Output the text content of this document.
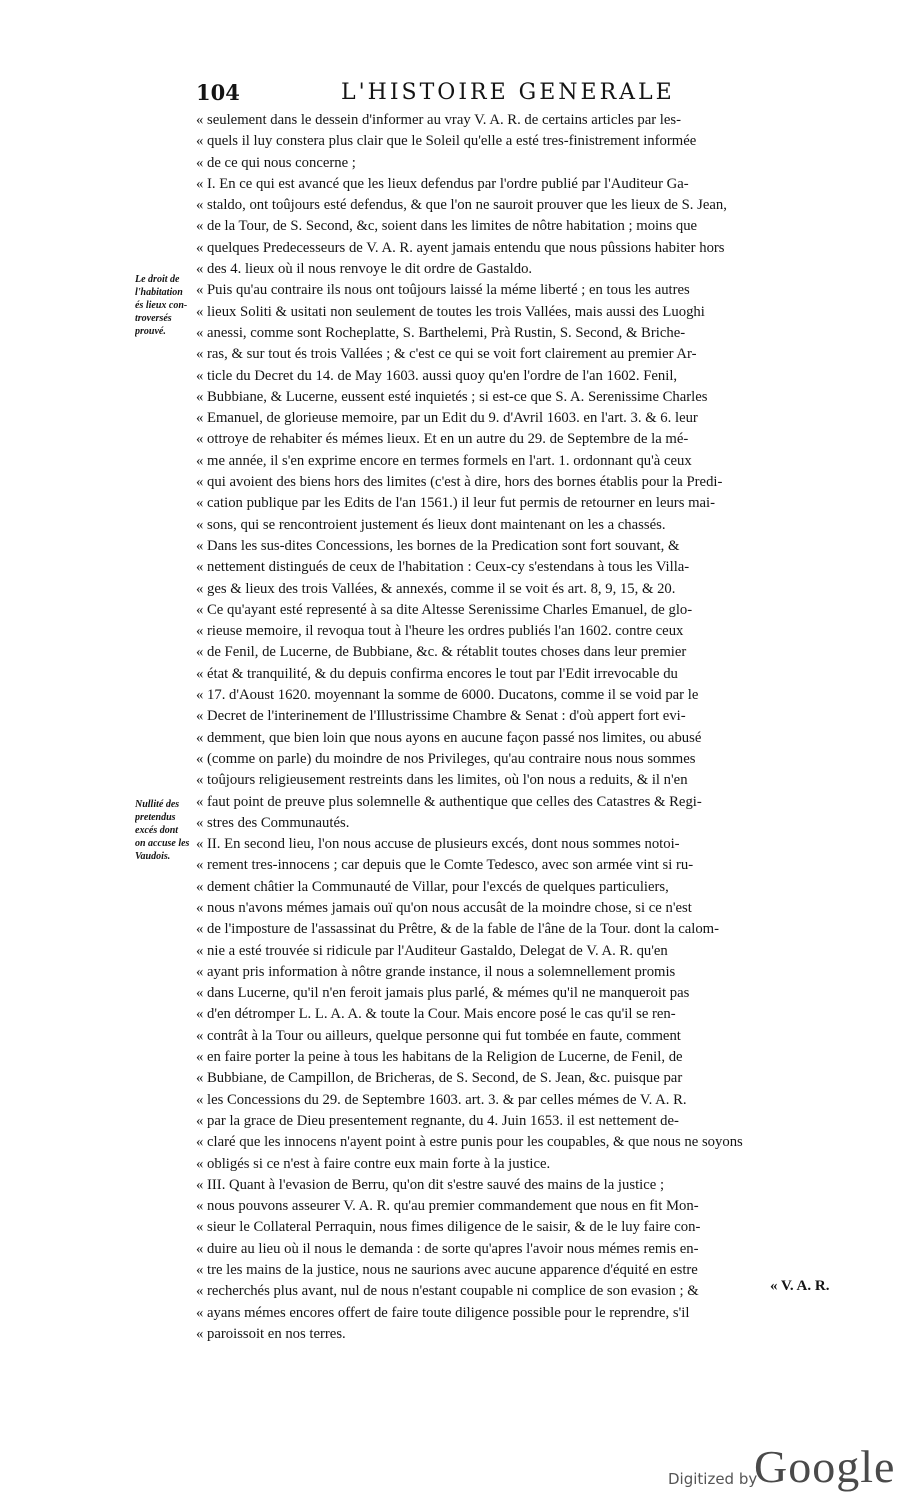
104	L'HISTOIRE GENERALE
Le droit de
l'habitation
és lieux con-
troversés
prouvé.
Nullité des
pretendus
excés dont
on accuse les
Vaudois.
« seulement dans le dessein d'informer au vray V. A. R. de certains articles par les-
« quels il luy constera plus clair que le Soleil qu'elle a esté tres-finistrement informée
« de ce qui nous concerne ;
« I. En ce qui est avancé que les lieux defendus par l'ordre publié par l'Auditeur Ga-
« staldo, ont toûjours esté defendus, & que l'on ne sauroit prouver que les lieux de S. Jean,
« de la Tour, de S. Second, &c, soient dans les limites de nôtre habitation ; moins que
« quelques Predecesseurs de V. A. R. ayent jamais entendu que nous pûssions habiter hors
« des 4. lieux où il nous renvoye le dit ordre de Gastaldo.
« Puis qu'au contraire ils nous ont toûjours laissé la méme liberté ; en tous les autres
« lieux Soliti & usitati non seulement de toutes les trois Vallées, mais aussi des Luoghi
« anessi, comme sont Rocheplatte, S. Barthelemi, Prà Rustin, S. Second, & Briche-
« ras, & sur tout és trois Vallées ; & c'est ce qui se voit fort clairement au premier Ar-
« ticle du Decret du 14. de May 1603. aussi quoy qu'en l'ordre de l'an 1602. Fenil,
« Bubbiane, & Lucerne, eussent esté inquietés ; si est-ce que S. A. Serenissime Charles
« Emanuel, de glorieuse memoire, par un Edit du 9. d'Avril 1603. en l'art. 3. & 6. leur
« ottroye de rehabiter és mémes lieux. Et en un autre du 29. de Septembre de la mé-
« me année, il s'en exprime encore en termes formels en l'art. 1. ordonnant qu'à ceux
« qui avoient des biens hors des limites (c'est à dire, hors des bornes établis pour la Predi-
« cation publique par les Edits de l'an 1561.) il leur fut permis de retourner en leurs mai-
« sons, qui se rencontroient justement és lieux dont maintenant on les a chassés.
« Dans les sus-dites Concessions, les bornes de la Predication sont fort souvant, &
« nettement distingués de ceux de l'habitation : Ceux-cy s'estendans à tous les Villa-
« ges & lieux des trois Vallées, & annexés, comme il se voit és art. 8, 9, 15, & 20.
« Ce qu'ayant esté representé à sa dite Altesse Serenissime Charles Emanuel, de glo-
« rieuse memoire, il revoqua tout à l'heure les ordres publiés l'an 1602. contre ceux
« de Fenil, de Lucerne, de Bubbiane, &c. & rétablit toutes choses dans leur premier
« état & tranquilité, & du depuis confirma encores le tout par l'Edit irrevocable du
« 17. d'Aoust 1620. moyennant la somme de 6000. Ducatons, comme il se void par le
« Decret de l'interinement de l'Illustrissime Chambre & Senat : d'où appert fort evi-
« demment, que bien loin que nous ayons en aucune façon passé nos limites, ou abusé
« (comme on parle) du moindre de nos Privileges, qu'au contraire nous nous sommes
« toûjours religieusement restreints dans les limites, où l'on nous a reduits, & il n'en
« faut point de preuve plus solemnelle & authentique que celles des Catastres & Regi-
« stres des Communautés.
« II. En second lieu, l'on nous accuse de plusieurs excés, dont nous sommes notoi-
« rement tres-innocens ; car depuis que le Comte Tedesco, avec son armée vint si ru-
« dement châtier la Communauté de Villar, pour l'excés de quelques particuliers,
« nous n'avons mémes jamais ouï qu'on nous accusât de la moindre chose, si ce n'est
« de l'imposture de l'assassinat du Prêtre, & de la fable de l'âne de la Tour. dont la calom-
« nie a esté trouvée si ridicule par l'Auditeur Gastaldo, Delegat de V. A. R. qu'en
« ayant pris information à nôtre grande instance, il nous a solemnellement promis
« dans Lucerne, qu'il n'en feroit jamais plus parlé, & mémes qu'il ne manqueroit pas
« d'en détromper L. L. A. A. & toute la Cour. Mais encore posé le cas qu'il se ren-
« contrât à la Tour ou ailleurs, quelque personne qui fut tombée en faute, comment
« en faire porter la peine à tous les habitans de la Religion de Lucerne, de Fenil, de
« Bubbiane, de Campillon, de Bricheras, de S. Second, de S. Jean, &c. puisque par
« les Concessions du 29. de Septembre 1603. art. 3. & par celles mémes de V. A. R.
« par la grace de Dieu presentement regnante, du 4. Juin 1653. il est nettement de-
« claré que les innocens n'ayent point à estre punis pour les coupables, & que nous ne soyons
« obligés si ce n'est à faire contre eux main forte à la justice.
« III. Quant à l'evasion de Berru, qu'on dit s'estre sauvé des mains de la justice ;
« nous pouvons asseurer V. A. R. qu'au premier commandement que nous en fit Mon-
« sieur le Collateral Perraquin, nous fimes diligence de le saisir, & de le luy faire con-
« duire au lieu où il nous le demanda : de sorte qu'apres l'avoir nous mémes remis en-
« tre les mains de la justice, nous ne saurions avec aucune apparence d'équité en estre
« recherchés plus avant, nul de nous n'estant coupable ni complice de son evasion ; &
« ayans mémes encores offert de faire toute diligence possible pour le reprendre, s'il
« paroissoit en nos terres.
« V. A. R.
Digitized by
Google
